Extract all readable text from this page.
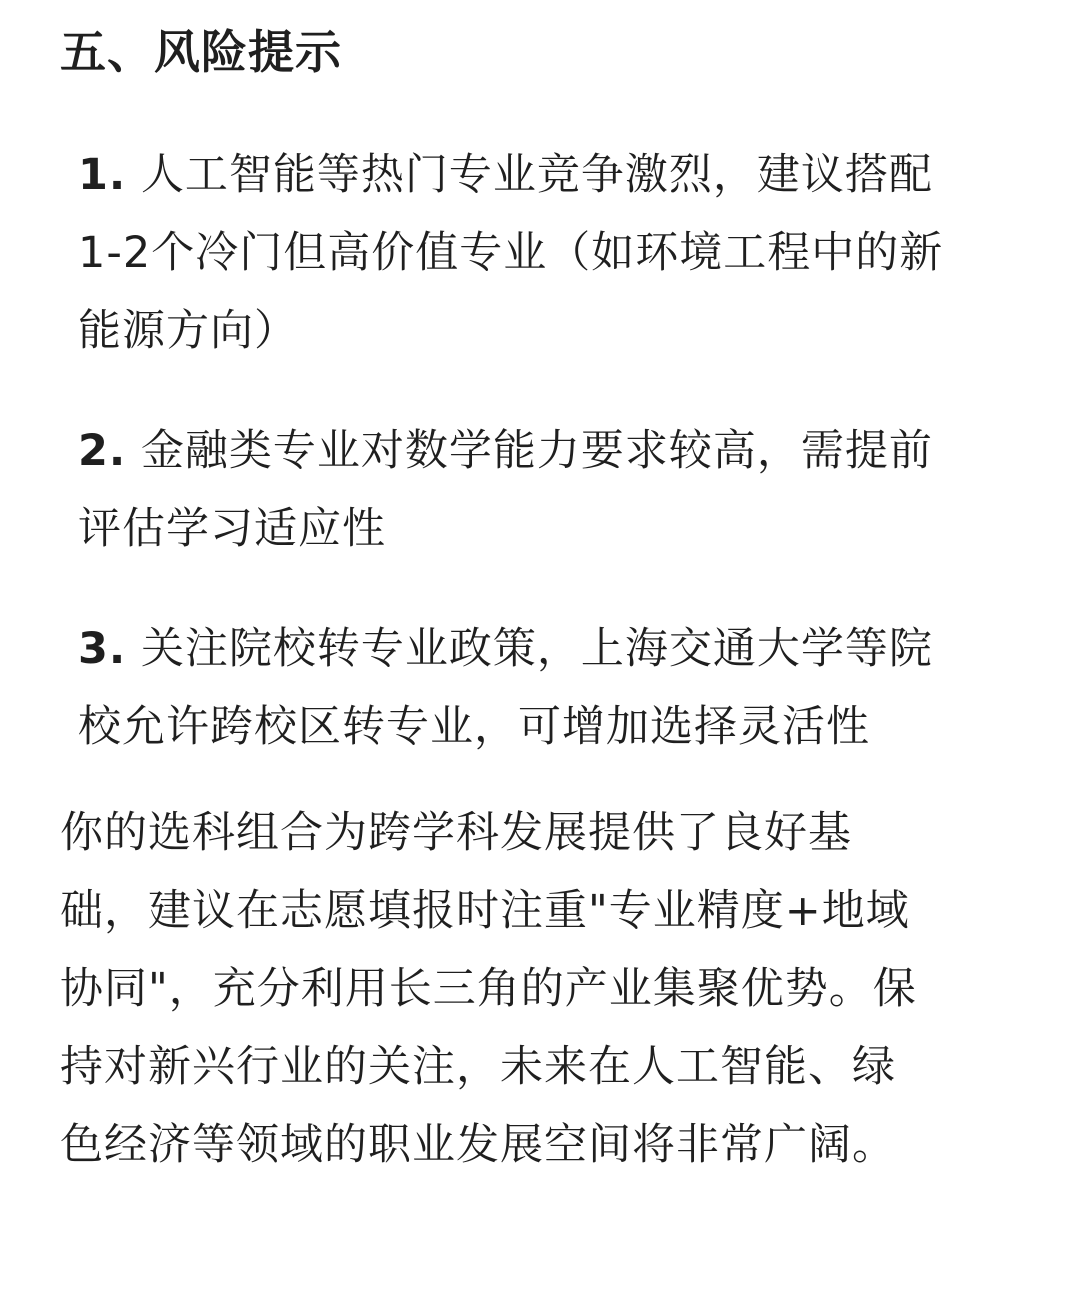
五、风险提示
1. 人工智能等热门专业竞争激烈，建议搭配
1-2个冷门但高价值专业（如环境工程中的新
能源方向）
2. 金融类专业对数学能力要求较高，需提前
评估学习适应性
3. 关注院校转专业政策，上海交通大学等院
校允许跨校区转专业，可增加选择灵活性

你的选科组合为跨学科发展提供了良好基
础，建议在志愿填报时注重"专业精度+地域
协同"，充分利用长三角的产业集聚优势。保
持对新兴行业的关注，未来在人工智能、绿
色经济等领域的职业发展空间将非常广阔。
